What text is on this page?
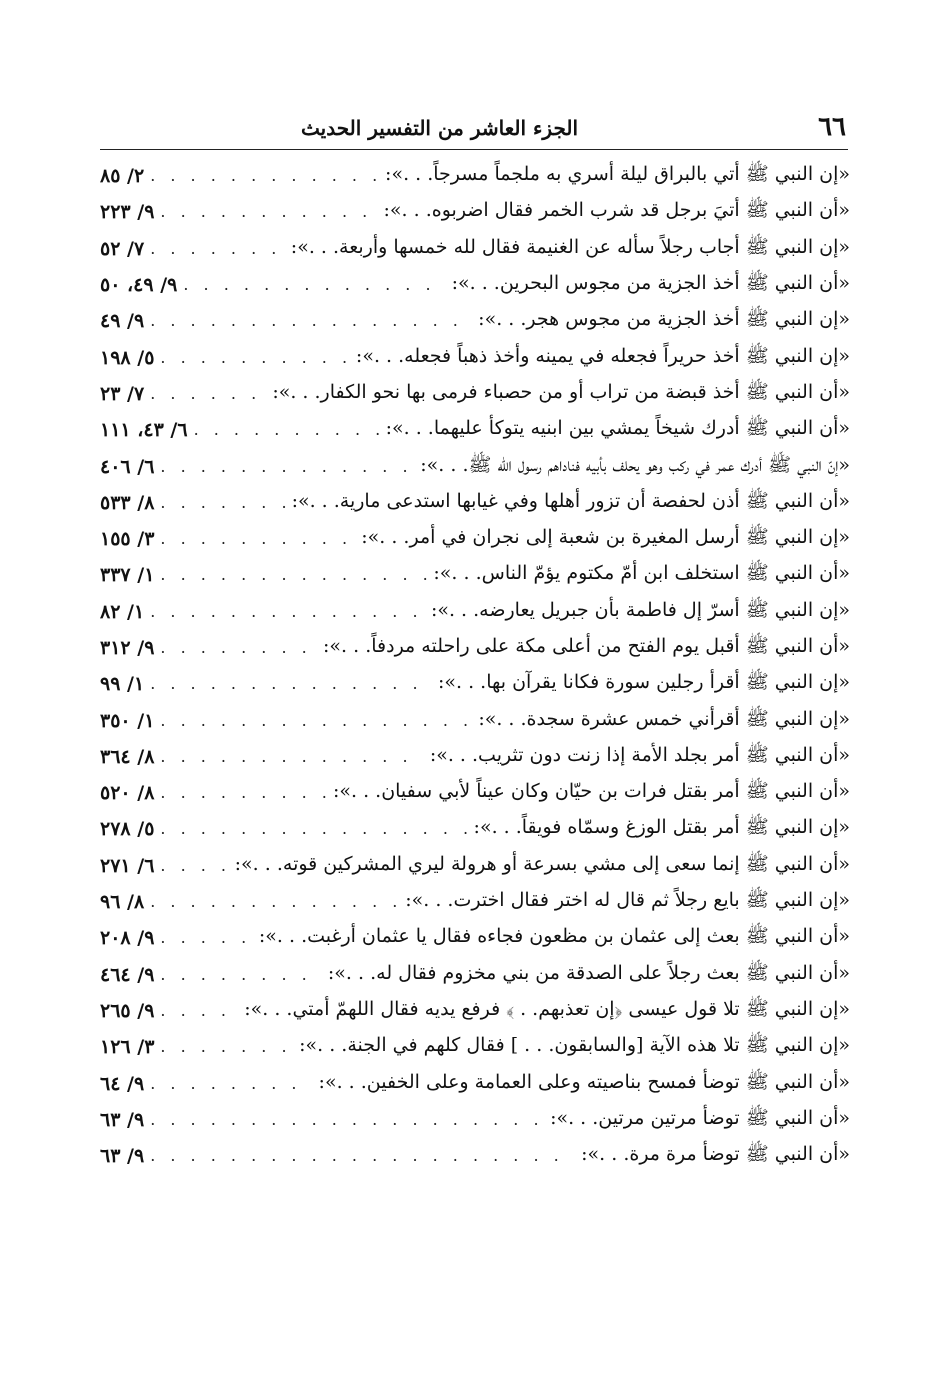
٦٦
الجزء العاشر من التفسير الحديث
«إن النبي ﷺ أتي بالبراق ليلة أسري به ملجماً مسرجاً. . .»:
. . .
٢/ ٨٥
«أن النبي ﷺ أتيَ برجل قد شرب الخمر فقال اضربوه. . .»:
. . .
٩/ ٢٢٣
«إن النبي ﷺ أجاب رجلاً سأله عن الغنيمة فقال لله خمسها وأربعة. . .»:
. . .
٧/ ٥٢
«أن النبي ﷺ أخذ الجزية من مجوس البحرين. . .»:
. . .
٩/ ٤٩، ٥٠
«إن النبي ﷺ أخذ الجزية من مجوس هجر. . .»:
. . .
٩/ ٤٩
«إن النبي ﷺ أخذ حريراً فجعله في يمينه وأخذ ذهباً فجعله. . .»:
. . .
٥/ ١٩٨
«أن النبي ﷺ أخذ قبضة من تراب أو من حصباء فرمى بها نحو الكفار. . .»:
. . .
٧/ ٢٣
«أن النبي ﷺ أدرك شيخاً يمشي بين ابنيه يتوكأ عليهما. . .»:
. . .
٦/ ٤٣، ١١١
«إنّ النبي ﷺ أدرك عمر في ركب وهو يحلف بأبيه فناداهم رسول الله ﷺ. . .»:
. . .
٦/ ٤٠٦
«أن النبي ﷺ أذن لحفصة أن تزور أهلها وفي غيابها استدعى مارية. . .»:
. . .
٨/ ٥٣٣
«إن النبي ﷺ أرسل المغيرة بن شعبة إلى نجران في أمر. . .»:
. . .
٣/ ١٥٥
«أن النبي ﷺ استخلف ابن أمّ مكتوم يؤمّ الناس. . .»:
. . .
١/ ٣٣٧
«إن النبي ﷺ أسرّ إل فاطمة بأن جبريل يعارضه. . .»:
. . .
١/ ٨٢
«أن النبي ﷺ أقبل يوم الفتح من أعلى مكة على راحلته مردفاً. . .»:
. . .
٩/ ٣١٢
«إن النبي ﷺ أقرأ رجلين سورة فكانا يقرآن بها. . .»:
. . .
١/ ٩٩
«إن النبي ﷺ أقرأني خمس عشرة سجدة. . .»:
. . .
١/ ٣٥٠
«أن النبي ﷺ أمر بجلد الأمة إذا زنت دون تثريب. . .»:
. . .
٨/ ٣٦٤
«أن النبي ﷺ أمر بقتل فرات بن حيّان وكان عيناً لأبي سفيان. . .»:
. . .
٨/ ٥٢٠
«إن النبي ﷺ أمر بقتل الوزغ وسمّاه فويقاً. . .»:
. . .
٥/ ٢٧٨
«أن النبي ﷺ إنما سعى إلى مشي بسرعة أو هرولة ليري المشركين قوته. . .»:
. . .
٦/ ٢٧١
«إن النبي ﷺ بايع رجلاً ثم قال له اختر فقال اخترت. . .»:
. . .
٨/ ٩٦
«أن النبي ﷺ بعث إلى عثمان بن مظعون فجاءه فقال يا عثمان أرغبت. . .»:
. . .
٩/ ٢٠٨
«أن النبي ﷺ بعث رجلاً على الصدقة من بني مخزوم فقال له. . .»:
. . .
٩/ ٤٦٤
«إن النبي ﷺ تلا قول عيسى ﴿إن تعذبهم. . ﴾ فرفع يديه فقال اللهمّ أمتي. . .»:
. . .
٩/ ٢٦٥
«إن النبي ﷺ تلا هذه الآية [والسابقون. . . ] فقال كلهم في الجنة. . .»:
. . .
٣/ ١٢٦
«أن النبي ﷺ توضأ فمسح بناصيته وعلى العمامة وعلى الخفين. . .»:
. . .
٩/ ٦٤
«أن النبي ﷺ توضأ مرتين مرتين. . .»:
. . .
٩/ ٦٣
«أن النبي ﷺ توضأ مرة مرة. . .»:
. . .
٩/ ٦٣
